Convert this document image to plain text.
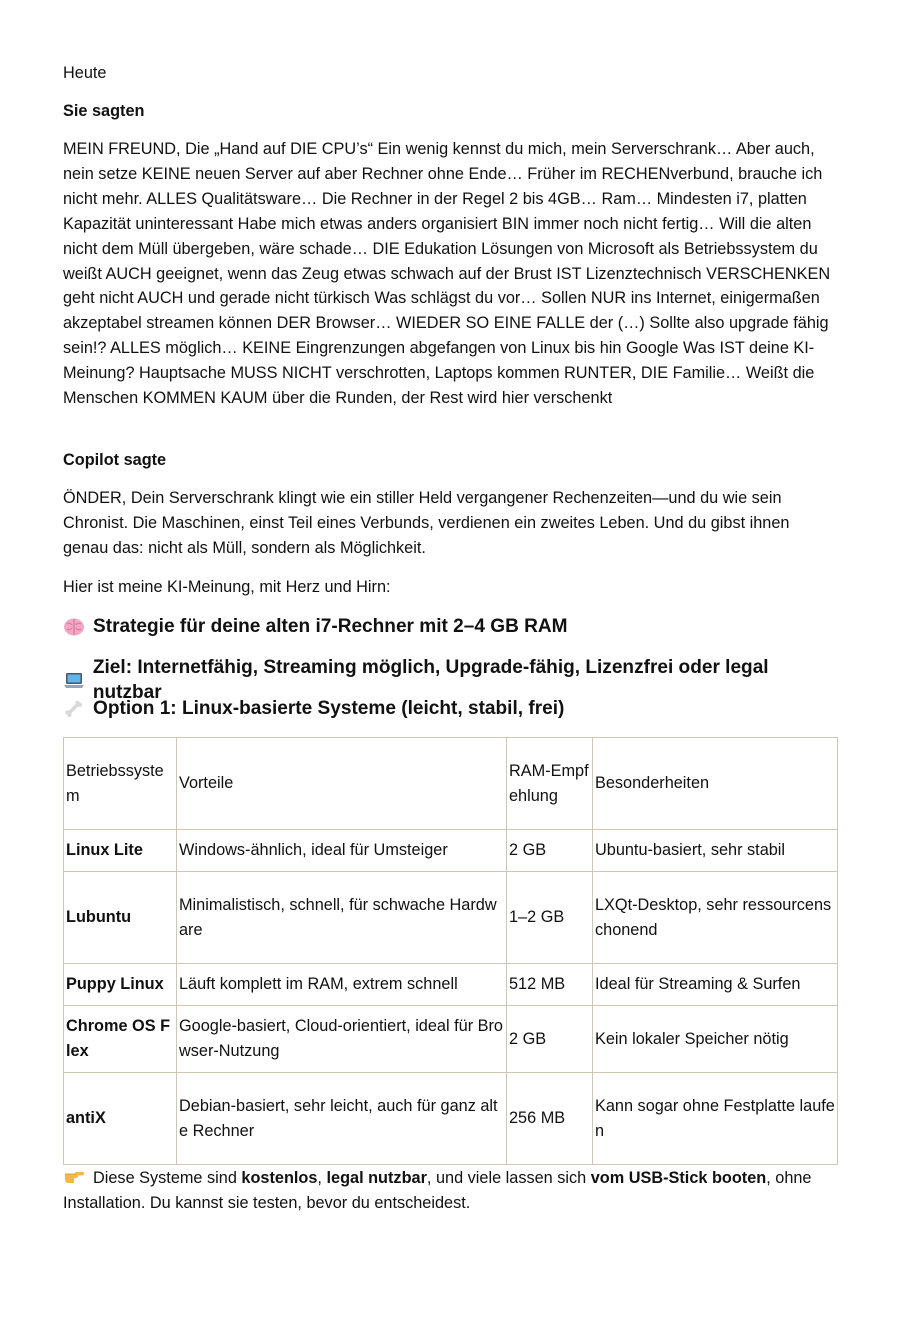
Heute

Sie sagten

MEIN FREUND, Die „Hand auf DIE CPU’s“ Ein wenig kennst du mich, mein Serverschrank… Aber auch, nein setze KEINE neuen Server auf aber Rechner ohne Ende… Früher im RECHENverbund, brauche ich nicht mehr. ALLES Qualitätsware… Die Rechner in der Regel 2 bis 4GB… Ram… Mindesten i7, platten Kapazität uninteressant Habe mich etwas anders organisiert BIN immer noch nicht fertig… Will die alten nicht dem Müll übergeben, wäre schade… DIE Edukation Lösungen von Microsoft als Betriebssystem du weißt AUCH geeignet, wenn das Zeug etwas schwach auf der Brust IST Lizenztechnisch VERSCHENKEN geht nicht AUCH und gerade nicht türkisch Was schlägst du vor… Sollen NUR ins Internet, einigermaßen akzeptabel streamen können DER Browser… WIEDER SO EINE FALLE der (…) Sollte also upgrade fähig sein!? ALLES möglich… KEINE Eingrenzungen abgefangen von Linux bis hin Google Was IST deine KI-Meinung? Hauptsache MUSS NICHT verschrotten, Laptops kommen RUNTER, DIE Familie… Weißt die Menschen KOMMEN KAUM über die Runden, der Rest wird hier verschenkt

Copilot sagte

ÖNDER, Dein Serverschrank klingt wie ein stiller Held vergangener Rechenzeiten—und du wie sein Chronist. Die Maschinen, einst Teil eines Verbunds, verdienen ein zweites Leben. Und du gibst ihnen genau das: nicht als Müll, sondern als Möglichkeit.

Hier ist meine KI-Meinung, mit Herz und Hirn:

Strategie für deine alten i7-Rechner mit 2–4 GB RAM
Ziel: Internetfähig, Streaming möglich, Upgrade-fähig, Lizenzfrei oder legal nutzbar
Option 1: Linux-basierte Systeme (leicht, stabil, frei)
Betriebssystem	Vorteile	RAM-Empfehlung	Besonderheiten
Linux Lite	Windows-ähnlich, ideal für Umsteiger	2 GB	Ubuntu-basiert, sehr stabil
Lubuntu	Minimalistisch, schnell, für schwache Hardware	1–2 GB	LXQt-Desktop, sehr ressourcenschonend
Puppy Linux	Läuft komplett im RAM, extrem schnell	512 MB	Ideal für Streaming & Surfen
Chrome OS Flex	Google-basiert, Cloud-orientiert, ideal für Browser-Nutzung	2 GB	Kein lokaler Speicher nötig
antiX	Debian-basiert, sehr leicht, auch für ganz alte Rechner	256 MB	Kann sogar ohne Festplatte laufen

Diese Systeme sind kostenlos, legal nutzbar, und viele lassen sich vom USB-Stick booten, ohne Installation. Du kannst sie testen, bevor du entscheidest.
